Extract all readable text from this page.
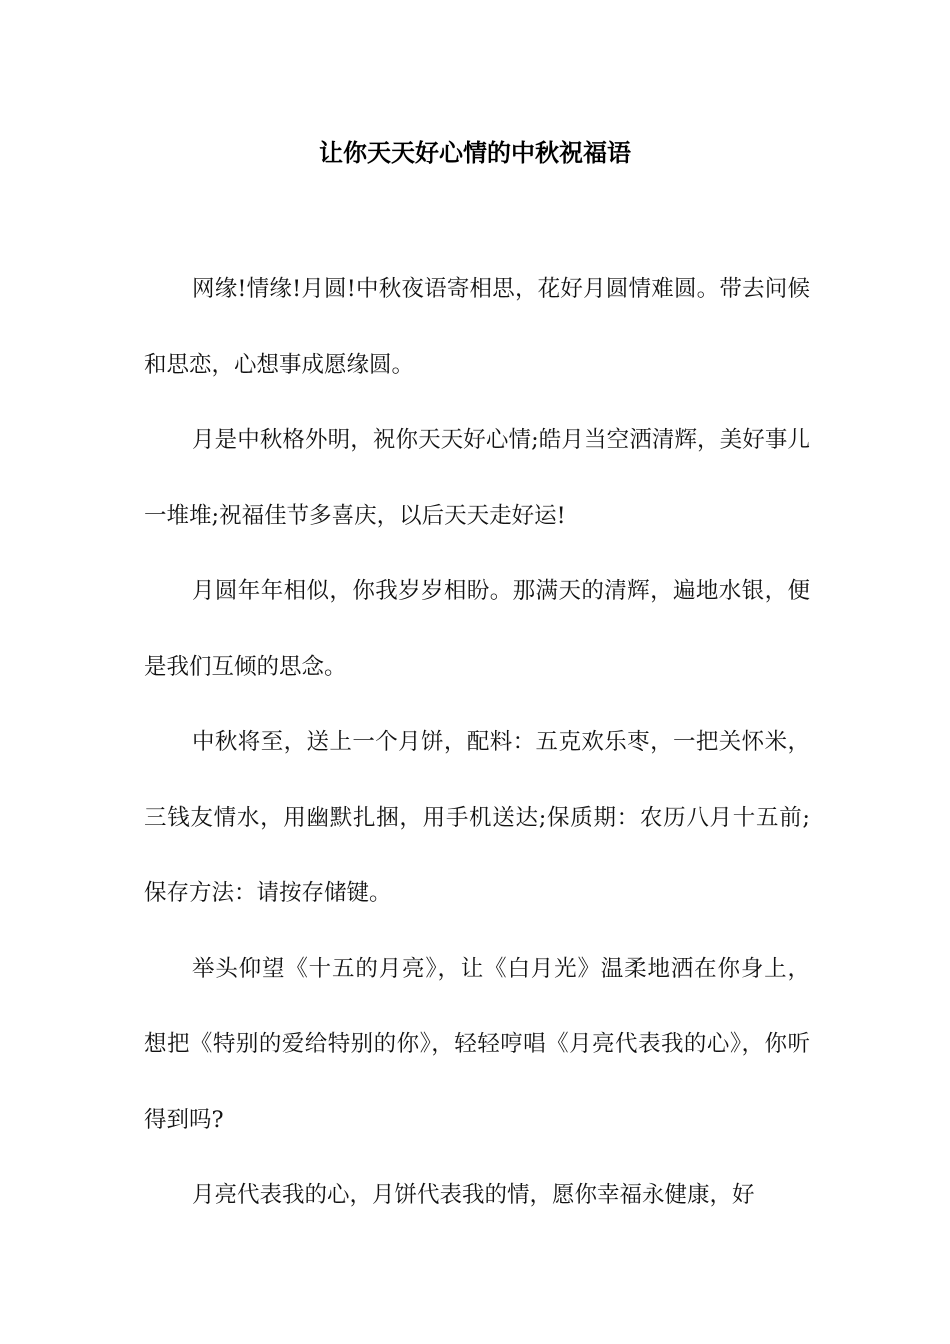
让你天天好心情的中秋祝福语

网缘!情缘!月圆!中秋夜语寄相思，花好月圆情难圆。带去问候和思恋，心想事成愿缘圆。

月是中秋格外明，祝你天天好心情;皓月当空洒清辉，美好事儿一堆堆;祝福佳节多喜庆，以后天天走好运!

月圆年年相似，你我岁岁相盼。那满天的清辉，遍地水银，便是我们互倾的思念。

中秋将至，送上一个月饼，配料：五克欢乐枣，一把关怀米，三钱友情水，用幽默扎捆，用手机送达;保质期：农历八月十五前;保存方法：请按存储键。

举头仰望《十五的月亮》，让《白月光》温柔地洒在你身上，想把《特别的爱给特别的你》，轻轻哼唱《月亮代表我的心》，你听得到吗?

月亮代表我的心，月饼代表我的情，愿你幸福永健康，好
